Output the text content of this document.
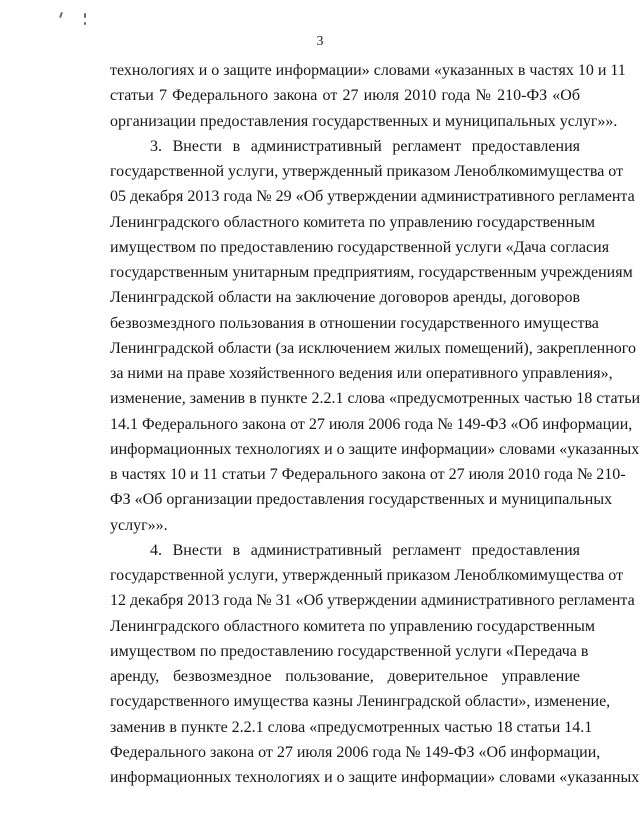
3
технологиях и о защите информации» словами «указанных в частях 10 и 11
статьи 7 Федерального закона от 27 июля 2010 года № 210-ФЗ «Об
организации предоставления государственных и муниципальных услуг»».
3. Внести в административный регламент предоставления
государственной услуги, утвержденный приказом Леноблкомимущества от
05 декабря 2013 года № 29 «Об утверждении административного регламента
Ленинградского областного комитета по управлению государственным
имуществом по предоставлению государственной услуги «Дача согласия
государственным унитарным предприятиям, государственным учреждениям
Ленинградской области на заключение договоров аренды, договоров
безвозмездного пользования в отношении государственного имущества
Ленинградской области (за исключением жилых помещений), закрепленного
за ними на праве хозяйственного ведения или оперативного управления»,
изменение, заменив в пункте 2.2.1 слова «предусмотренных частью 18 статьи
14.1 Федерального закона от 27 июля 2006 года № 149-ФЗ «Об информации,
информационных технологиях и о защите информации» словами «указанных
в частях 10 и 11 статьи 7 Федерального закона от 27 июля 2010 года № 210-
ФЗ «Об организации предоставления государственных и муниципальных
услуг»».
4. Внести в административный регламент предоставления
государственной услуги, утвержденный приказом Леноблкомимущества от
12 декабря 2013 года № 31 «Об утверждении административного регламента
Ленинградского областного комитета по управлению государственным
имуществом по предоставлению государственной услуги «Передача в
аренду, безвозмездное пользование, доверительное управление
государственного имущества казны Ленинградской области», изменение,
заменив в пункте 2.2.1 слова «предусмотренных частью 18 статьи 14.1
Федерального закона от 27 июля 2006 года № 149-ФЗ «Об информации,
информационных технологиях и о защите информации» словами «указанных
